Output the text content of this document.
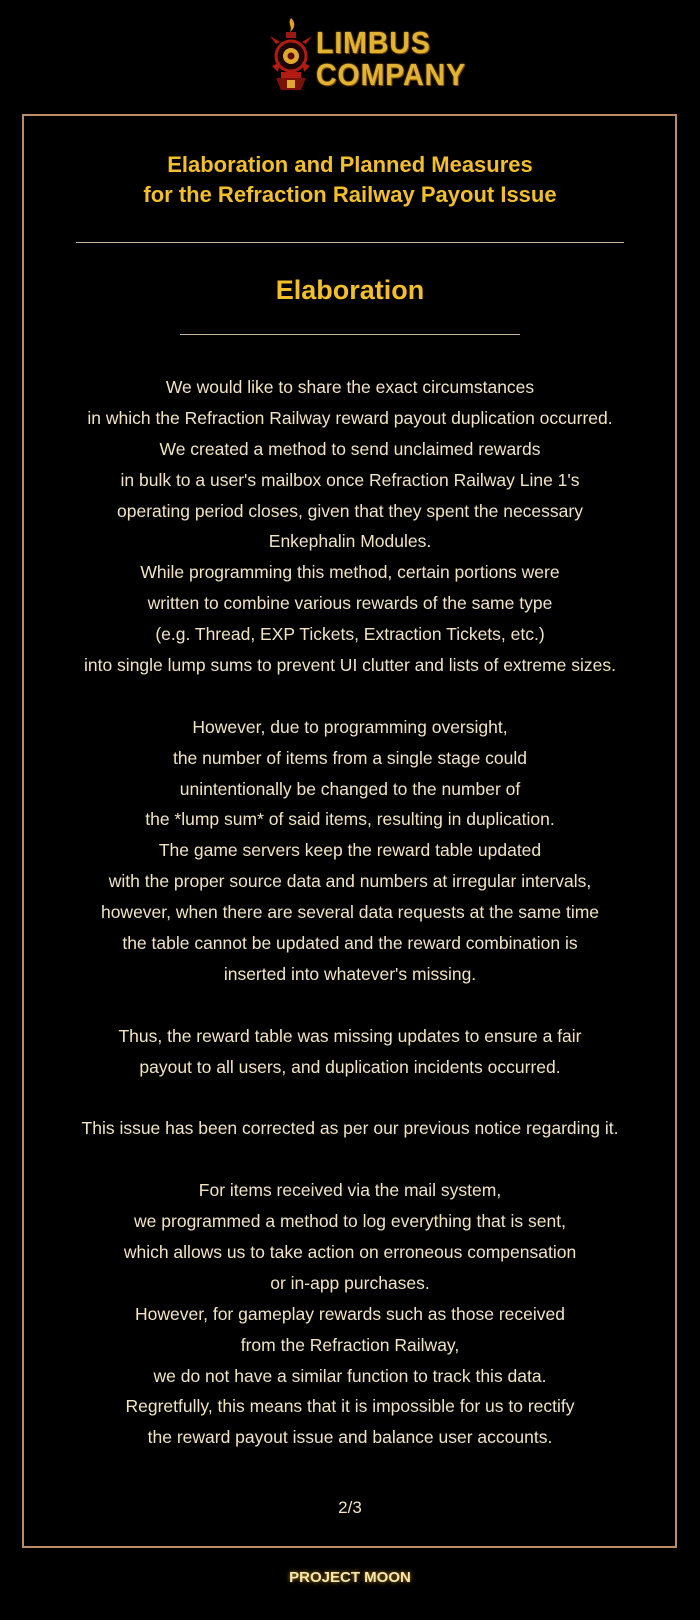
LIMBUS
COMPANY
Elaboration and Planned Measures
for the Refraction Railway Payout Issue
Elaboration
We would like to share the exact circumstances
in which the Refraction Railway reward payout duplication occurred.
We created a method to send unclaimed rewards
in bulk to a user's mailbox once Refraction Railway Line 1's
operating period closes, given that they spent the necessary
Enkephalin Modules.
While programming this method, certain portions were
written to combine various rewards of the same type
(e.g. Thread, EXP Tickets, Extraction Tickets, etc.)
into single lump sums to prevent UI clutter and lists of extreme sizes.
However, due to programming oversight,
the number of items from a single stage could
unintentionally be changed to the number of
the *lump sum* of said items, resulting in duplication.
The game servers keep the reward table updated
with the proper source data and numbers at irregular intervals,
however, when there are several data requests at the same time
the table cannot be updated and the reward combination is
inserted into whatever's missing.
Thus, the reward table was missing updates to ensure a fair
payout to all users, and duplication incidents occurred.
This issue has been corrected as per our previous notice regarding it.
For items received via the mail system,
we programmed a method to log everything that is sent,
which allows us to take action on erroneous compensation
or in-app purchases.
However, for gameplay rewards such as those received
from the Refraction Railway,
we do not have a similar function to track this data.
Regretfully, this means that it is impossible for us to rectify
the reward payout issue and balance user accounts.
2/3
PROJECT MOON
